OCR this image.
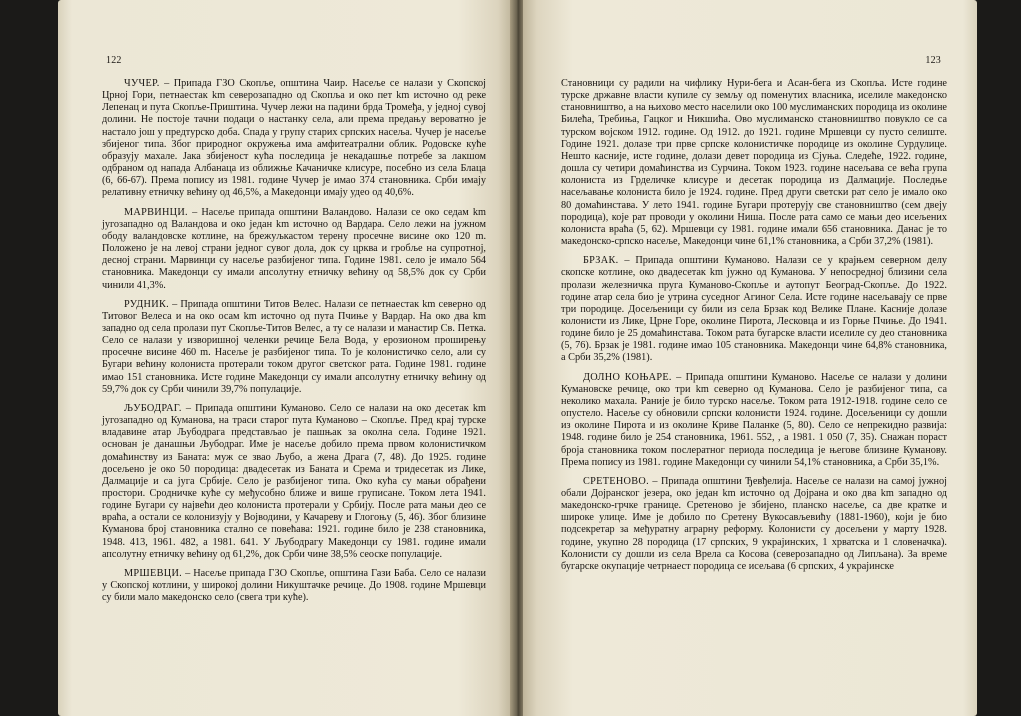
122

ЧУЧЕР. – Припада ГЗО Скопље, општина Чаир. Насеље се налази у Скопској Црној Гори, петнаестак km северозападно од Скопља и око пет km источно од реке Лепенац и пута Скопље-Приштина. Чучер лежи на падини брда Тромеђа, у једној сувој долини. Не постоје тачни подаци о настанку села, али према предању вероватно је настало још у предтурско доба. Спада у групу старих српских насеља. Чучер је насеље збијеног типа. Због природног окружења има амфитеатрални облик. Родовске куће обрaзују махале. Јака збијеност кућа последица је некадашње потребе за лакшом одбраном од напада Албанаца из оближње Качаничке клисуре, посебно из села Блаца (6, 66-67). Према попису из 1981. године Чучер је имао 374 становника. Срби имају релативну етничку већину од 46,5%, а Македонци имају удео од 40,6%.

МАРВИНЦИ. – Насеље припада општини Валандово. Налази се око седам km југозападно од Валандова и око један km источно од Вардара. Село лежи на јужном ободу валандовске котлине, на брежуљкастом терену просечне висине око 120 m. Положено је на левој страни једног сувог дола, док су црква и гробље на супротној, десној страни. Марвинци су насеље разбијеног типа. Године 1981. село је имало 564 становника. Македонци су имали апсолутну етничку већину од 58,5% док су Срби чинили 41,3%.

РУДНИК. – Припада општини Титов Велес. Налази се петнаестак km северно од Титовог Велеса и на око осам km источно од пута Пчиње у Вардар. На око два km западно од села пролази пут Скопље-Титов Велес, а ту се налази и манастир Св. Петка. Село се налази у изворишној челенки речице Бела Вода, у ерозионом проширењу просечне висине 460 m. Насеље је разбијеног типа. То је колонистичко село, али су Бугари већину колониста протерали током другог светског рата. Године 1981. године имао 151 становника. Исте године Македонци су имали апсолутну етничку већину од 59,7% док су Срби чинили 39,7% популације.

ЉУБОДРАГ. – Припада општини Куманово. Село се налази на око десетак km југозападно од Куманова, на траси старог пута Куманово – Скопље. Пред крај турске владавине атар Љубодрага представљао је пашњак за околна села. Године 1921. основан је данашњи Љубодраг. Име је насеље добило према првом колонистичком домаћинству из Баната: муж се звао Љубо, а жена Драга (7, 48). До 1925. године досељено је око 50 породица: двадесетак из Баната и Срема и тридесетак из Лике, Далмације и са југа Србије. Село је разбијеног типа. Око кућа су мањи обрађени простори. Сродничке куће су међусобно ближе и више груписане. Током лета 1941. године Бугари су највећи део колониста протерали у Србију. После рата мањи део се враћа, а остали се колонизују у Војводини, у Качареву и Глогоњу (5, 46). Због близине Куманова број становника стално се повећава: 1921. године било је 238 становника, 1948. 413, 1961. 482, а 1981. 641. У Љубодрагу Македонци су 1981. године имали апсолутну етничку већину од 61,2%, док Срби чине 38,5% сеоске популације.

МРШЕВЦИ. – Насеље припада ГЗО Скопље, општина Гази Баба. Село се налази у Скопској котлини, у широкој долини Никуштачке речице. До 1908. године Мршевци су били мало македонско село (свега три куће).

123

Становници су радили на чифлику Нури-бега и Асан-бега из Скопља. Исте године турске државне власти купиле су земљу од поменутих власника, иселиле македонско становништво, а на њихово место населили око 100 муслиманских породица из околине Билећа, Требиња, Гацког и Никшића. Ово муслиманско становништво повукло се са турском војском 1912. године. Од 1912. до 1921. године Мршевци су пусто селиште. Године 1921. долазе три прве српске колонистичке породице из околине Сурдулице. Нешто касније, исте године, долази девет породица из Сјуња. Следеће, 1922. године, дошла су четири домаћинства из Сурчина. Током 1923. године насељава се већа група колониста из Грделичке клисуре и десетак породица из Далмације. Последње насељавање колониста било је 1924. године. Пред други светски рат село је имало око 80 домаћинстава. У лето 1941. године Бугари протерују све становништво (сем двеју породица), које рат проводи у околини Ниша. После рата само се мањи део исељених колониста враћа (5, 62). Мршевци су 1981. године имали 656 становника. Данас је то македонско-српско насеље, Македонци чине 61,1% становника, а Срби 37,2% (1981).

БРЗАК. – Припада општини Куманово. Налази се у крајњем северном делу скопске котлине, око двадесетак km јужно од Куманова. У непосредној близини села пролази железничка пруга Куманово-Скопље и аутопут Београд-Скопље. До 1922. године атар села био је утрина суседног Агиног Села. Исте године насељавају се прве три породице. Досељеници су били из села Брзак код Велике Плане. Касније долазе колонисти из Лике, Црне Горе, околине Пирота, Лесковца и из Горње Пчиње. До 1941. године било је 25 домаћинстава. Током рата бугарске власти иселиле су део становника (5, 76). Брзак је 1981. године имао 105 становника. Македонци чине 64,8% становника, а Срби 35,2% (1981).

ДОЛНО КОЊАРЕ. – Припада општини Куманово. Насеље се налази у долини Кумановске речице, око три km северно од Куманова. Село је разбијеног типа, са неколико махала. Раније је било турско насеље. Током рата 1912-1918. године село се опустело. Насеље су обновили српски колонисти 1924. године. Досељеници су дошли из околине Пирота и из околине Криве Паланке (5, 80). Село се непрекидно развија: 1948. године било је 254 становника, 1961. 552, , а 1981. 1 050 (7, 35). Снажан пораст броја становника током послератног периода последица је његове близине Куманову. Према попису из 1981. године Македонци су чинили 54,1% становника, а Срби 35,1%.

СРЕТЕНОВО. – Припада општини Ђевђелија. Насеље се налази на самој јужној обали Дојранског језера, око један km источно од Дојрана и око два km западно од македонско-грчке границе. Сретеново је збијено, планско насеље, са две кратке и широке улице. Име је добило по Сретену Вукосављевићу (1881-1960), који је био подсекретар за међуратну аграрну реформу. Колонисти су досељени у марту 1928. године, укупно 28 породица (17 српских, 9 украјинских, 1 хрватска и 1 словеначка). Колонисти су дошли из села Врела са Косова (северозападно од Липљана). За време бугарске окупације четрнаест породица се исељава (6 српских, 4 украјинске
